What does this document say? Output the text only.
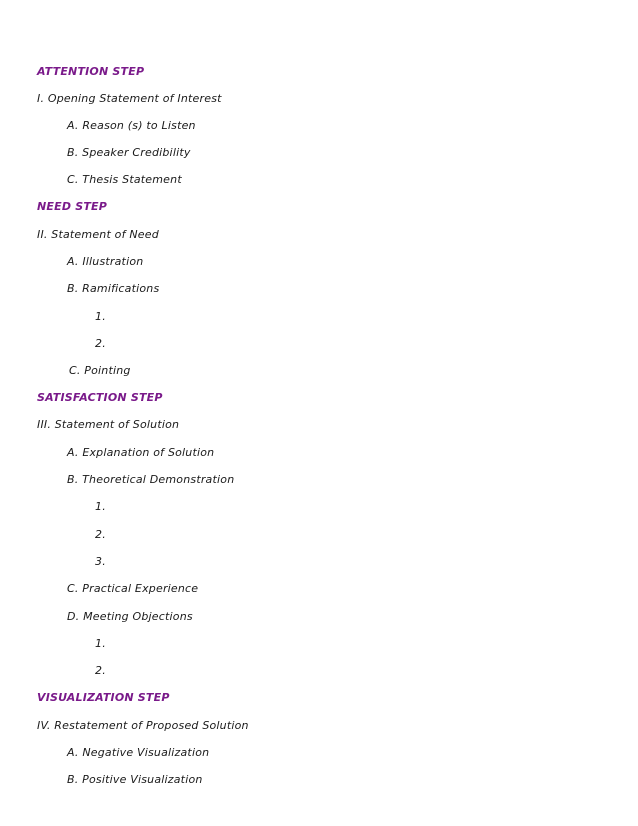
ATTENTION STEP
I. Opening Statement of Interest
A. Reason (s) to Listen
B. Speaker Credibility
C. Thesis Statement
NEED STEP
II. Statement of Need
A. Illustration
B. Ramifications
1.
2.
C. Pointing
SATISFACTION STEP
III. Statement of Solution
A. Explanation of Solution
B. Theoretical Demonstration
1.
2.
3.
C. Practical Experience
D. Meeting Objections
1.
2.
VISUALIZATION STEP
IV. Restatement of Proposed Solution
A. Negative Visualization
B. Positive Visualization
